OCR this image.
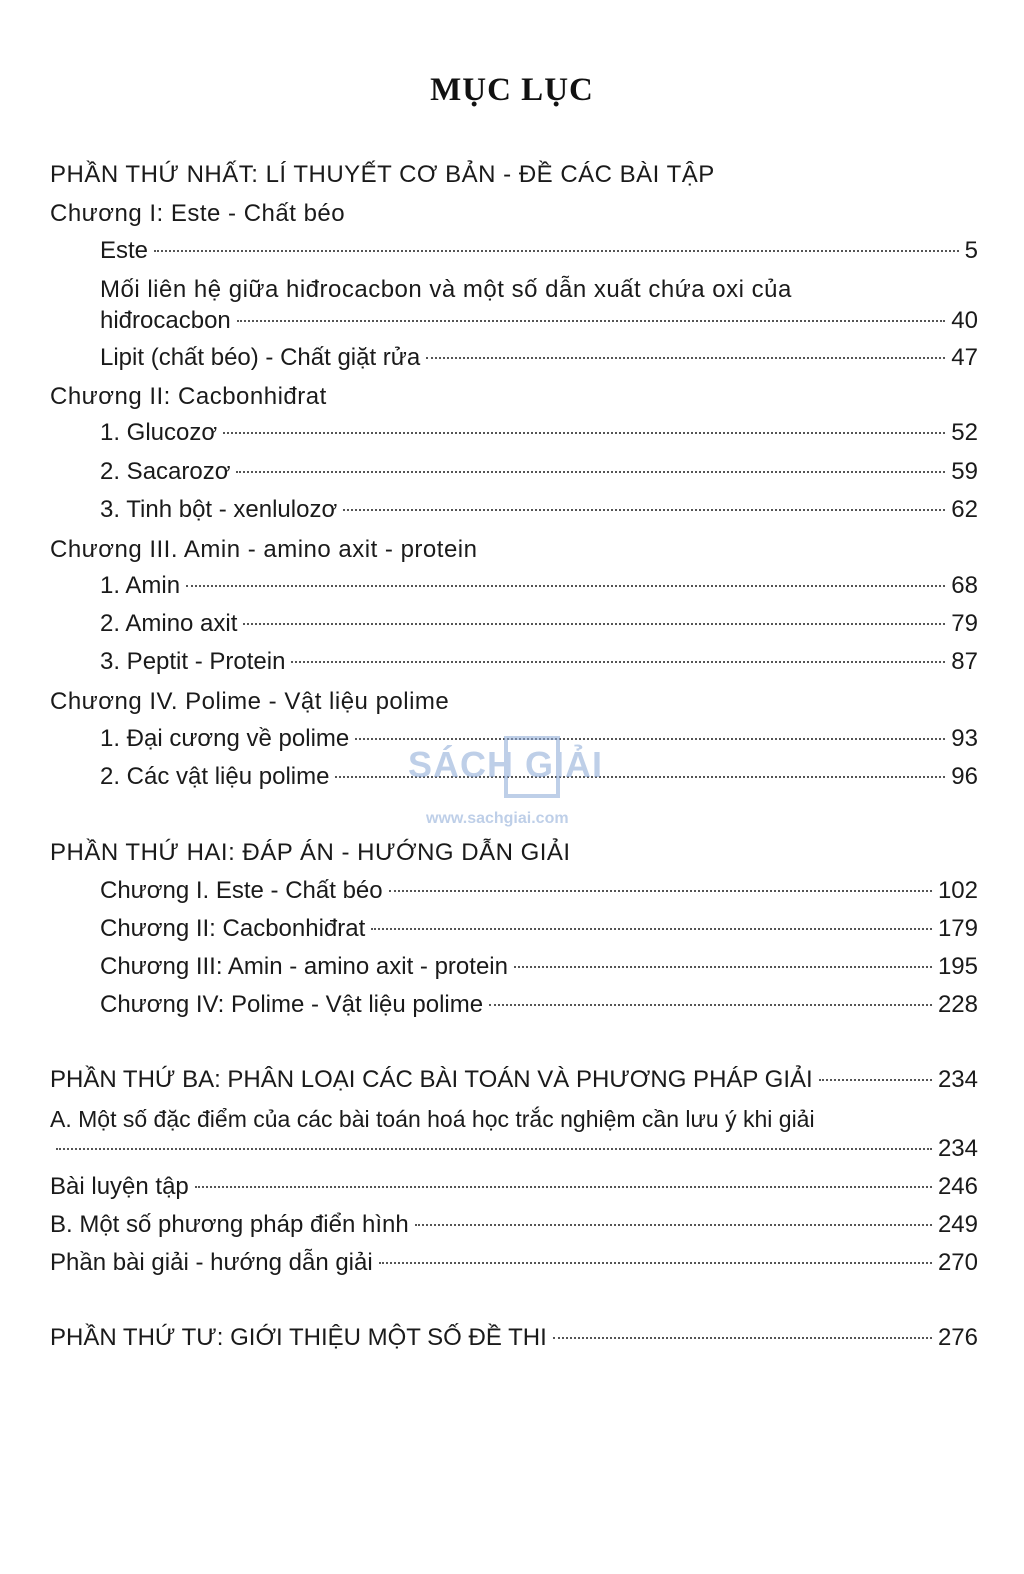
MỤC LỤC
PHẦN THỨ NHẤT: LÍ THUYẾT CƠ BẢN - ĐỀ CÁC BÀI TẬP
Chương I: Este - Chất béo
Este	5
Mối liên hệ giữa hiđrocacbon và một số dẫn xuất chứa oxi của
hiđrocacbon	40
Lipit (chất béo) - Chất giặt rửa	47
Chương II: Cacbonhiđrat
1. Glucozơ	52
2. Sacarozơ	59
3. Tinh bột - xenlulozơ	62
Chương III. Amin - amino axit - protein
1. Amin	68
2. Amino axit	79
3. Peptit - Protein	87
Chương IV. Polime - Vật liệu polime
1. Đại cương về polime	93
2. Các vật liệu polime	96
SÁCH GIẢI
www.sachgiai.com
PHẦN THỨ HAI: ĐÁP ÁN - HƯỚNG DẪN GIẢI
Chương I. Este - Chất béo	102
Chương II: Cacbonhiđrat	179
Chương III: Amin - amino axit - protein	195
Chương IV: Polime - Vật liệu polime	228
PHẦN THỨ BA: PHÂN LOẠI CÁC BÀI TOÁN VÀ PHƯƠNG PHÁP GIẢI	234
A. Một số đặc điểm của các bài toán hoá học trắc nghiệm cần lưu ý khi giải
234
Bài luyện tập	246
B. Một số phương pháp điển hình	249
Phần bài giải - hướng dẫn giải	270
PHẦN THỨ TƯ: GIỚI THIỆU MỘT SỐ ĐỀ THI	276
